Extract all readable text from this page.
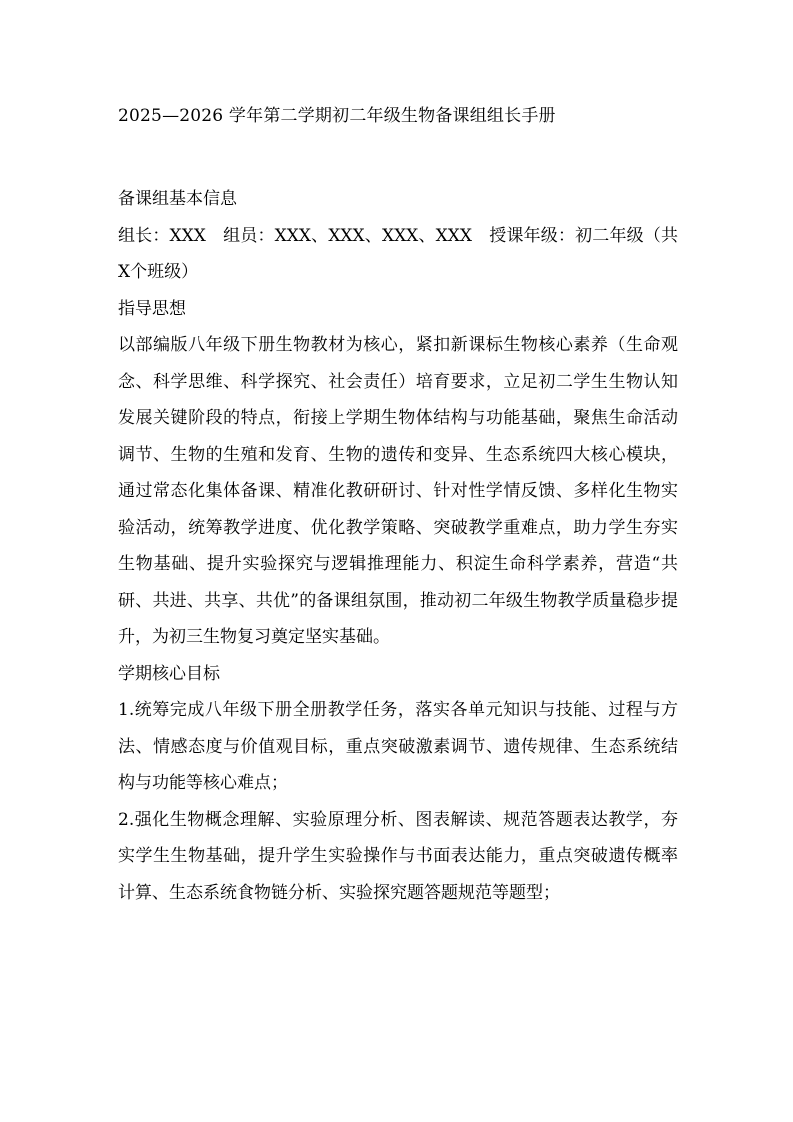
2025—2026 学年第二学期初二年级生物备课组组长手册

备课组基本信息

组长：XXX　组员：XXX、XXX、XXX、XXX　授课年级：初二年级（共X个班级）

指导思想

以部编版八年级下册生物教材为核心，紧扣新课标生物核心素养（生命观念、科学思维、科学探究、社会责任）培育要求，立足初二学生生物认知发展关键阶段的特点，衔接上学期生物体结构与功能基础，聚焦生命活动调节、生物的生殖和发育、生物的遗传和变异、生态系统四大核心模块，通过常态化集体备课、精准化教研研讨、针对性学情反馈、多样化生物实验活动，统筹教学进度、优化教学策略、突破教学重难点，助力学生夯实生物基础、提升实验探究与逻辑推理能力、积淀生命科学素养，营造“共研、共进、共享、共优”的备课组氛围，推动初二年级生物教学质量稳步提升，为初三生物复习奠定坚实基础。

学期核心目标

1.统筹完成八年级下册全册教学任务，落实各单元知识与技能、过程与方法、情感态度与价值观目标，重点突破激素调节、遗传规律、生态系统结构与功能等核心难点；

2.强化生物概念理解、实验原理分析、图表解读、规范答题表达教学，夯实学生生物基础，提升学生实验操作与书面表达能力，重点突破遗传概率计算、生态系统食物链分析、实验探究题答题规范等题型；
